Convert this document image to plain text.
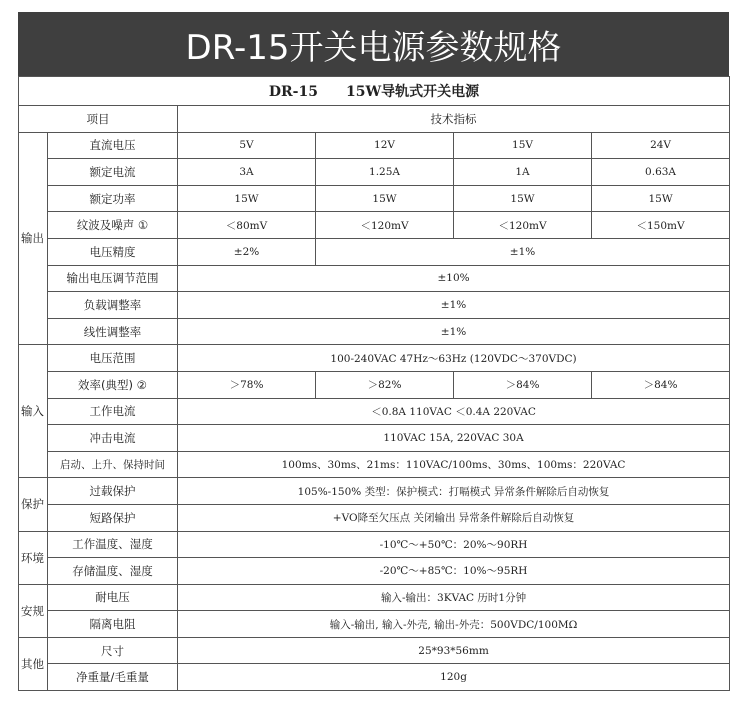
DR-15开关电源参数规格
DR-15 15W导轨式开关电源					
项目		技术指标			
输出	直流电压	5V	12V	15V	24V
	额定电流	3A	1.25A	1A	0.63A
	额定功率	15W	15W	15W	15W
	纹波及噪声 ①	＜80mV	＜120mV	＜120mV	＜150mV
	电压精度	±2%	±1%		
	输出电压调节范围	±10%			
	负载调整率	±1%			
	线性调整率	±1%			
输入	电压范围	100-240VAC 47Hz～63Hz (120VDC～370VDC)			
	效率(典型) ②	＞78%	＞82%	＞84%	＞84%
	工作电流	＜0.8A 110VAC ＜0.4A 220VAC			
	冲击电流	110VAC 15A, 220VAC 30A			
	启动、上升、保持时间	100ms、30ms、21ms：110VAC/100ms、30ms、100ms：220VAC			
保护	过载保护	105%-150% 类型：保护模式：打嗝模式 异常条件解除后自动恢复			
	短路保护	+VO降至欠压点 关闭输出 异常条件解除后自动恢复			
环境	工作温度、湿度	-10℃～+50℃：20%～90RH			
	存储温度、湿度	-20℃～+85℃：10%～95RH			
安规	耐电压	输入-输出：3KVAC 历时1分钟			
	隔离电阻	输入-输出, 输入-外壳, 输出-外壳：500VDC/100MΩ			
其他	尺寸	25*93*56mm			
	净重量/毛重量	120g			
